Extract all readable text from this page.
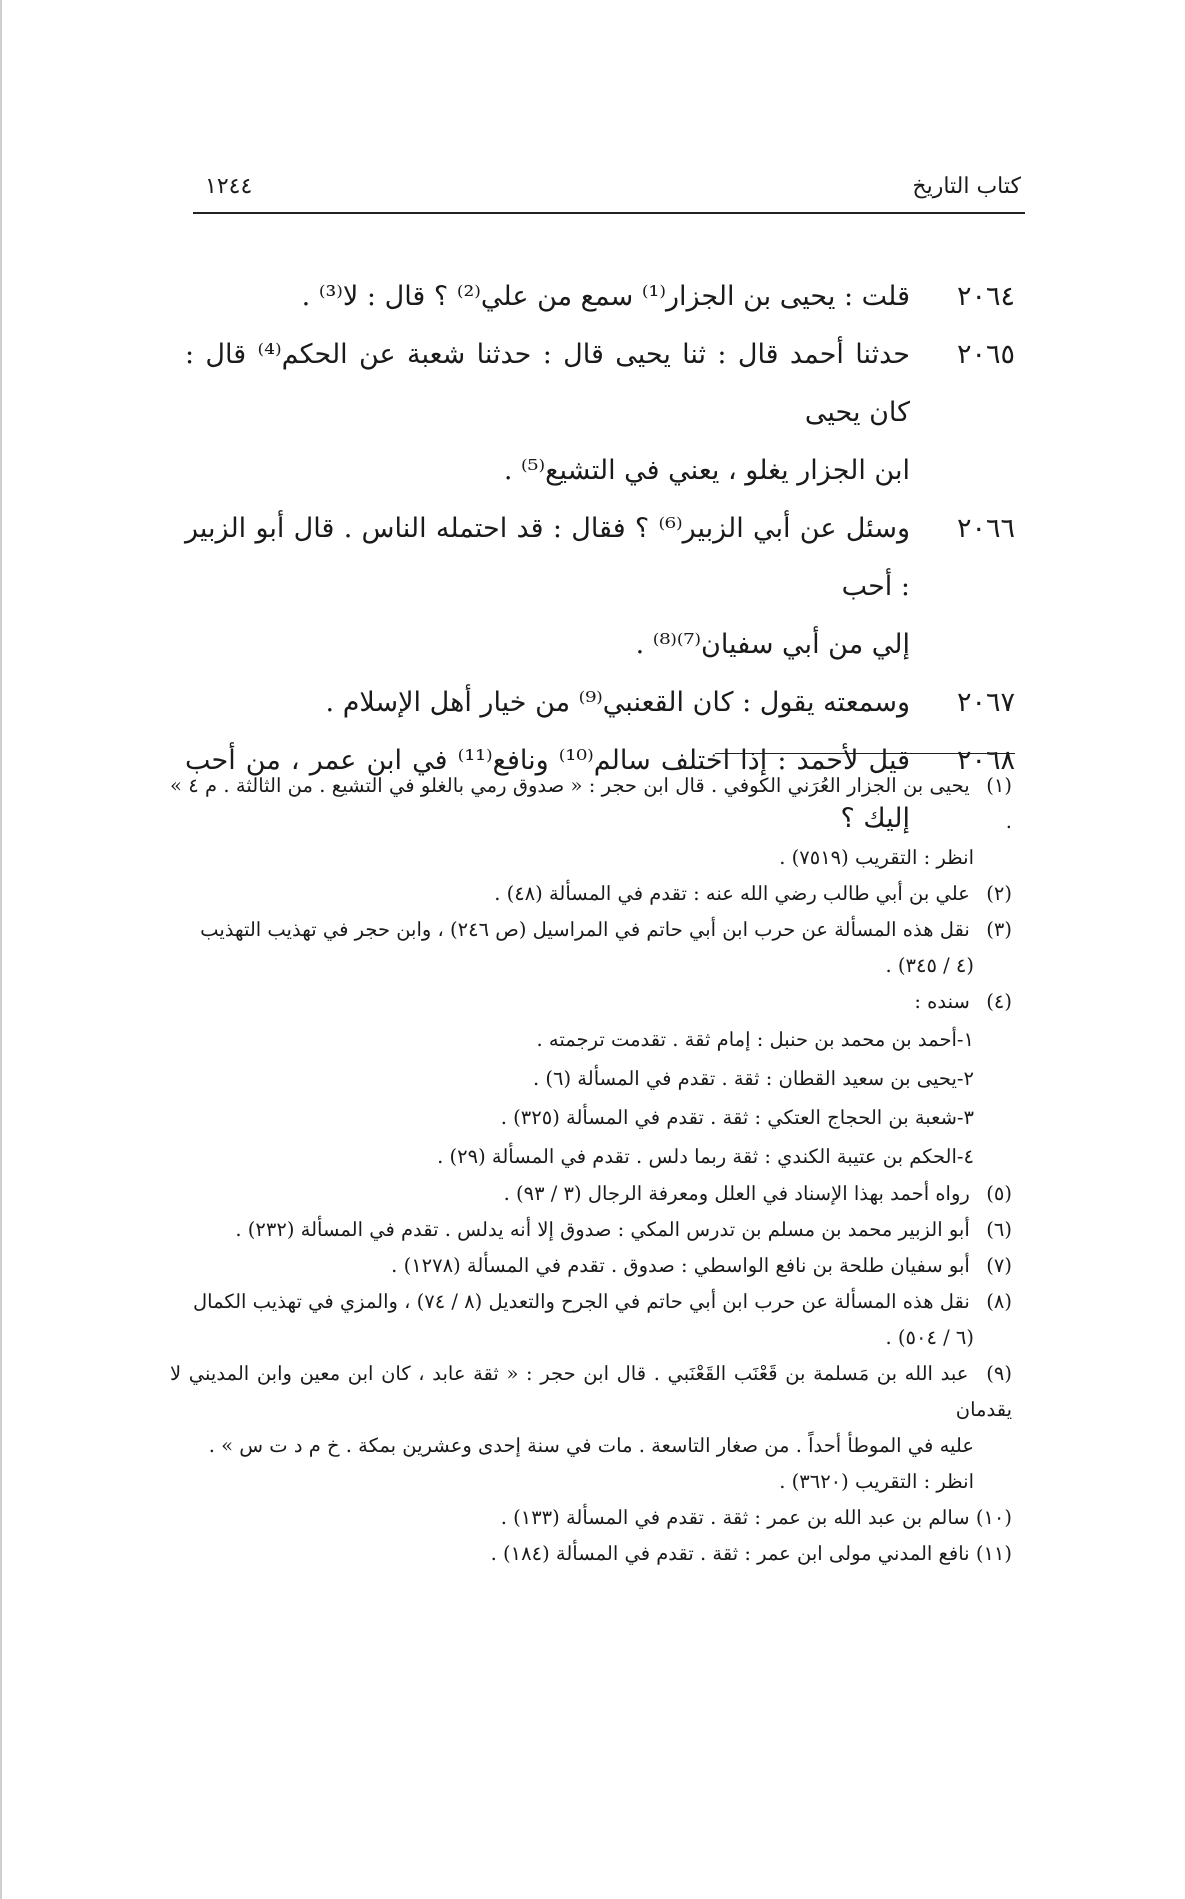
كتاب التاريخ
١٢٤٤
٢٠٦٤
قلت : يحيى بن الجزار⁽¹⁾ سمع من علي⁽²⁾ ؟ قال : لا⁽³⁾ .
٢٠٦٥
حدثنا أحمد قال : ثنا يحيى قال : حدثنا شعبة عن الحكم⁽⁴⁾ قال : كان يحيى
ابن الجزار يغلو ، يعني في التشيع⁽⁵⁾ .
٢٠٦٦
وسئل عن أبي الزبير⁽⁶⁾ ؟ فقال : قد احتمله الناس . قال أبو الزبير : أحب
إلي من أبي سفيان⁽⁷⁾⁽⁸⁾ .
٢٠٦٧
وسمعته يقول : كان القعنبي⁽⁹⁾ من خيار أهل الإسلام .
٢٠٦٨
قيل لأحمد : إذا اختلف سالم⁽¹⁰⁾ ونافع⁽¹¹⁾ في ابن عمر ، من أحب إليك ؟
(١) يحيى بن الجزار العُرَني الكوفي . قال ابن حجر : « صدوق رمي بالغلو في التشيع . من الثالثة . م ٤ » .
انظر : التقريب (٧٥١٩) .
(٢) علي بن أبي طالب رضي الله عنه : تقدم في المسألة (٤٨) .
(٣) نقل هذه المسألة عن حرب ابن أبي حاتم في المراسيل (ص ٢٤٦) ، وابن حجر في تهذيب التهذيب
(٤ / ٣٤٥) .
(٤) سنده :
١-أحمد بن محمد بن حنبل : إمام ثقة . تقدمت ترجمته .
٢-يحيى بن سعيد القطان : ثقة . تقدم في المسألة (٦) .
٣-شعبة بن الحجاج العتكي : ثقة . تقدم في المسألة (٣٢٥) .
٤-الحكم بن عتيبة الكندي : ثقة ربما دلس . تقدم في المسألة (٢٩) .
(٥) رواه أحمد بهذا الإسناد في العلل ومعرفة الرجال (٣ / ٩٣) .
(٦) أبو الزبير محمد بن مسلم بن تدرس المكي : صدوق إلا أنه يدلس . تقدم في المسألة (٢٣٢) .
(٧) أبو سفيان طلحة بن نافع الواسطي : صدوق . تقدم في المسألة (١٢٧٨) .
(٨) نقل هذه المسألة عن حرب ابن أبي حاتم في الجرح والتعديل (٨ / ٧٤) ، والمزي في تهذيب الكمال
(٦ / ٥٠٤) .
(٩) عبد الله بن مَسلمة بن قَعْنَب القَعْنَبي . قال ابن حجر : « ثقة عابد ، كان ابن معين وابن المديني لا يقدمان
عليه في الموطأ أحداً . من صغار التاسعة . مات في سنة إحدى وعشرين بمكة . خ م د ت س » .
انظر : التقريب (٣٦٢٠) .
(١٠) سالم بن عبد الله بن عمر : ثقة . تقدم في المسألة (١٣٣) .
(١١) نافع المدني مولى ابن عمر : ثقة . تقدم في المسألة (١٨٤) .
